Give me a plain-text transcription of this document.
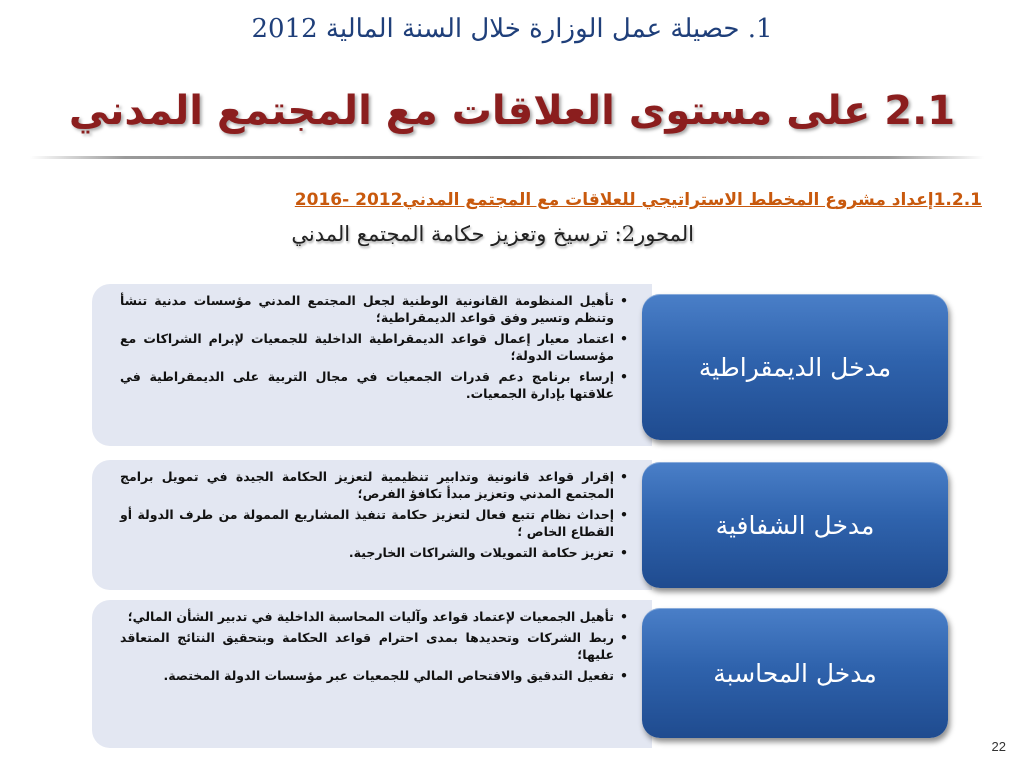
1. حصيلة عمل الوزارة خلال السنة المالية 2012
2.1 على مستوى العلاقات مع المجتمع المدني
1.2.1إعداد مشروع المخطط الاستراتيجي للعلاقات مع المجتمع المدني2012 -2016
المحور2: ترسيخ وتعزيز حكامة المجتمع المدني
•
تأهيل المنظومة القانونية الوطنية لجعل المجتمع المدني مؤسسات مدنية تنشأ وتنظم وتسير وفق قواعد الديمقراطية؛
•
اعتماد معيار إعمال قواعد الديمقراطية الداخلية للجمعيات لإبرام الشراكات مع مؤسسات الدولة؛
•
إرساء برنامج دعم قدرات الجمعيات في مجال التربية على الديمقراطية في علاقتها بإدارة الجمعيات.
مدخل الديمقراطية
•
إقرار قواعد قانونية وتدابير تنظيمية لتعزيز الحكامة الجيدة في تمويل برامج المجتمع المدني وتعزيز مبدأ تكافؤ الفرص؛
•
إحداث نظام تتبع فعال لتعزيز حكامة تنفيذ المشاريع الممولة من طرف الدولة أو القطاع الخاص ؛
•
تعزيز حكامة التمويلات والشراكات الخارجية.
مدخل الشفافية
•
تأهيل الجمعيات لإعتماد قواعد وآليات المحاسبة الداخلية في تدبير الشأن المالي؛
•
ربط الشركات وتحديدها بمدى احترام قواعد الحكامة وبتحقيق النتائج المتعاقد عليها؛
•
تفعيل التدقيق والافتحاص المالي للجمعيات عبر مؤسسات الدولة المختصة.	مدخل المحاسبة
22
